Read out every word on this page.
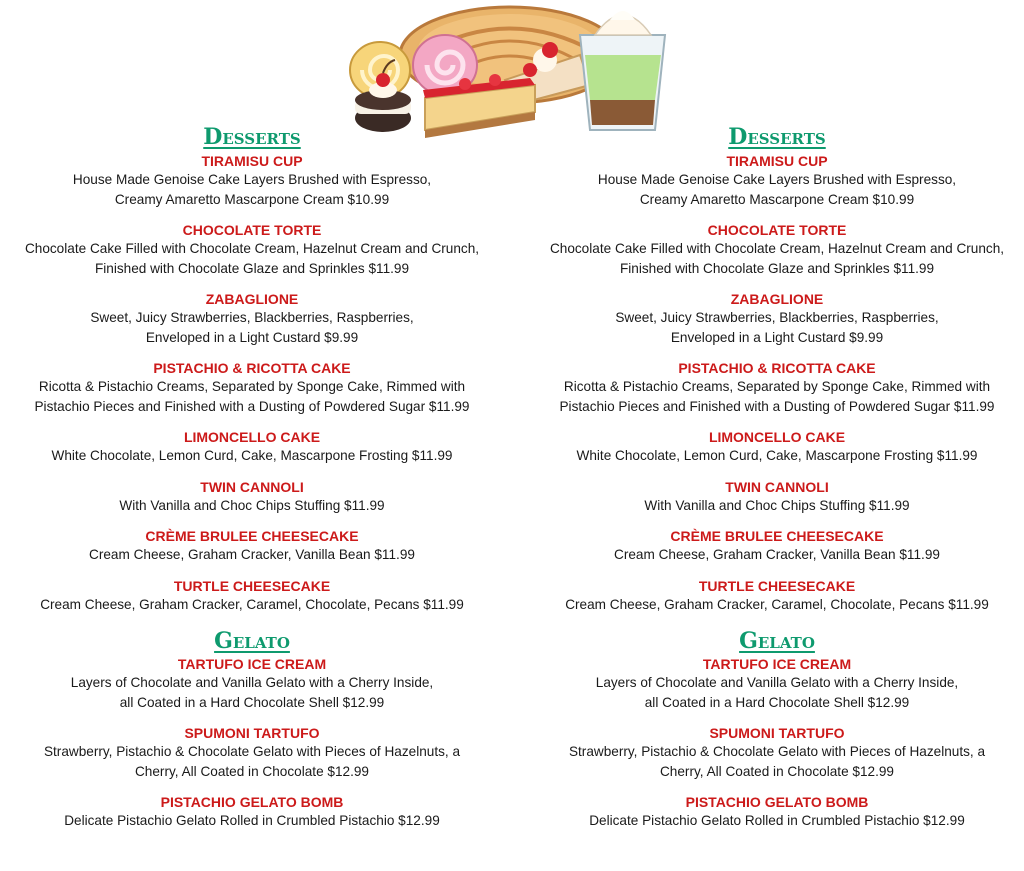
Desserts
TIRAMISU CUP
House Made Genoise Cake Layers Brushed with Espresso,
Creamy Amaretto Mascarpone Cream $10.99
CHOCOLATE TORTE
Chocolate Cake Filled with Chocolate Cream, Hazelnut Cream and Crunch,
Finished with Chocolate Glaze and Sprinkles $11.99
ZABAGLIONE
Sweet, Juicy Strawberries, Blackberries, Raspberries,
Enveloped in a Light Custard $9.99
PISTACHIO & RICOTTA CAKE
Ricotta & Pistachio Creams, Separated by Sponge Cake, Rimmed with
Pistachio Pieces and Finished with a Dusting of Powdered Sugar $11.99
LIMONCELLO CAKE
White Chocolate, Lemon Curd, Cake, Mascarpone Frosting $11.99
TWIN CANNOLI
With Vanilla and Choc Chips Stuffing $11.99
CRÈME BRULEE CHEESECAKE
Cream Cheese, Graham Cracker, Vanilla Bean $11.99
TURTLE CHEESECAKE
Cream Cheese, Graham Cracker, Caramel, Chocolate, Pecans $11.99
Gelato
TARTUFO ICE CREAM
Layers of Chocolate and Vanilla Gelato with a Cherry Inside,
all Coated in a Hard Chocolate Shell $12.99
SPUMONI TARTUFO
Strawberry, Pistachio & Chocolate Gelato with Pieces of Hazelnuts, a
Cherry, All Coated in Chocolate $12.99
PISTACHIO GELATO BOMB
Delicate Pistachio Gelato Rolled in Crumbled Pistachio $12.99
Desserts
TIRAMISU CUP
House Made Genoise Cake Layers Brushed with Espresso,
Creamy Amaretto Mascarpone Cream $10.99
CHOCOLATE TORTE
Chocolate Cake Filled with Chocolate Cream, Hazelnut Cream and Crunch,
Finished with Chocolate Glaze and Sprinkles $11.99
ZABAGLIONE
Sweet, Juicy Strawberries, Blackberries, Raspberries,
Enveloped in a Light Custard $9.99
PISTACHIO & RICOTTA CAKE
Ricotta & Pistachio Creams, Separated by Sponge Cake, Rimmed with
Pistachio Pieces and Finished with a Dusting of Powdered Sugar $11.99
LIMONCELLO CAKE
White Chocolate, Lemon Curd, Cake, Mascarpone Frosting $11.99
TWIN CANNOLI
With Vanilla and Choc Chips Stuffing $11.99
CRÈME BRULEE CHEESECAKE
Cream Cheese, Graham Cracker, Vanilla Bean $11.99
TURTLE CHEESECAKE
Cream Cheese, Graham Cracker, Caramel, Chocolate, Pecans $11.99
Gelato
TARTUFO ICE CREAM
Layers of Chocolate and Vanilla Gelato with a Cherry Inside,
all Coated in a Hard Chocolate Shell $12.99
SPUMONI TARTUFO
Strawberry, Pistachio & Chocolate Gelato with Pieces of Hazelnuts, a
Cherry, All Coated in Chocolate $12.99
PISTACHIO GELATO BOMB
Delicate Pistachio Gelato Rolled in Crumbled Pistachio $12.99
